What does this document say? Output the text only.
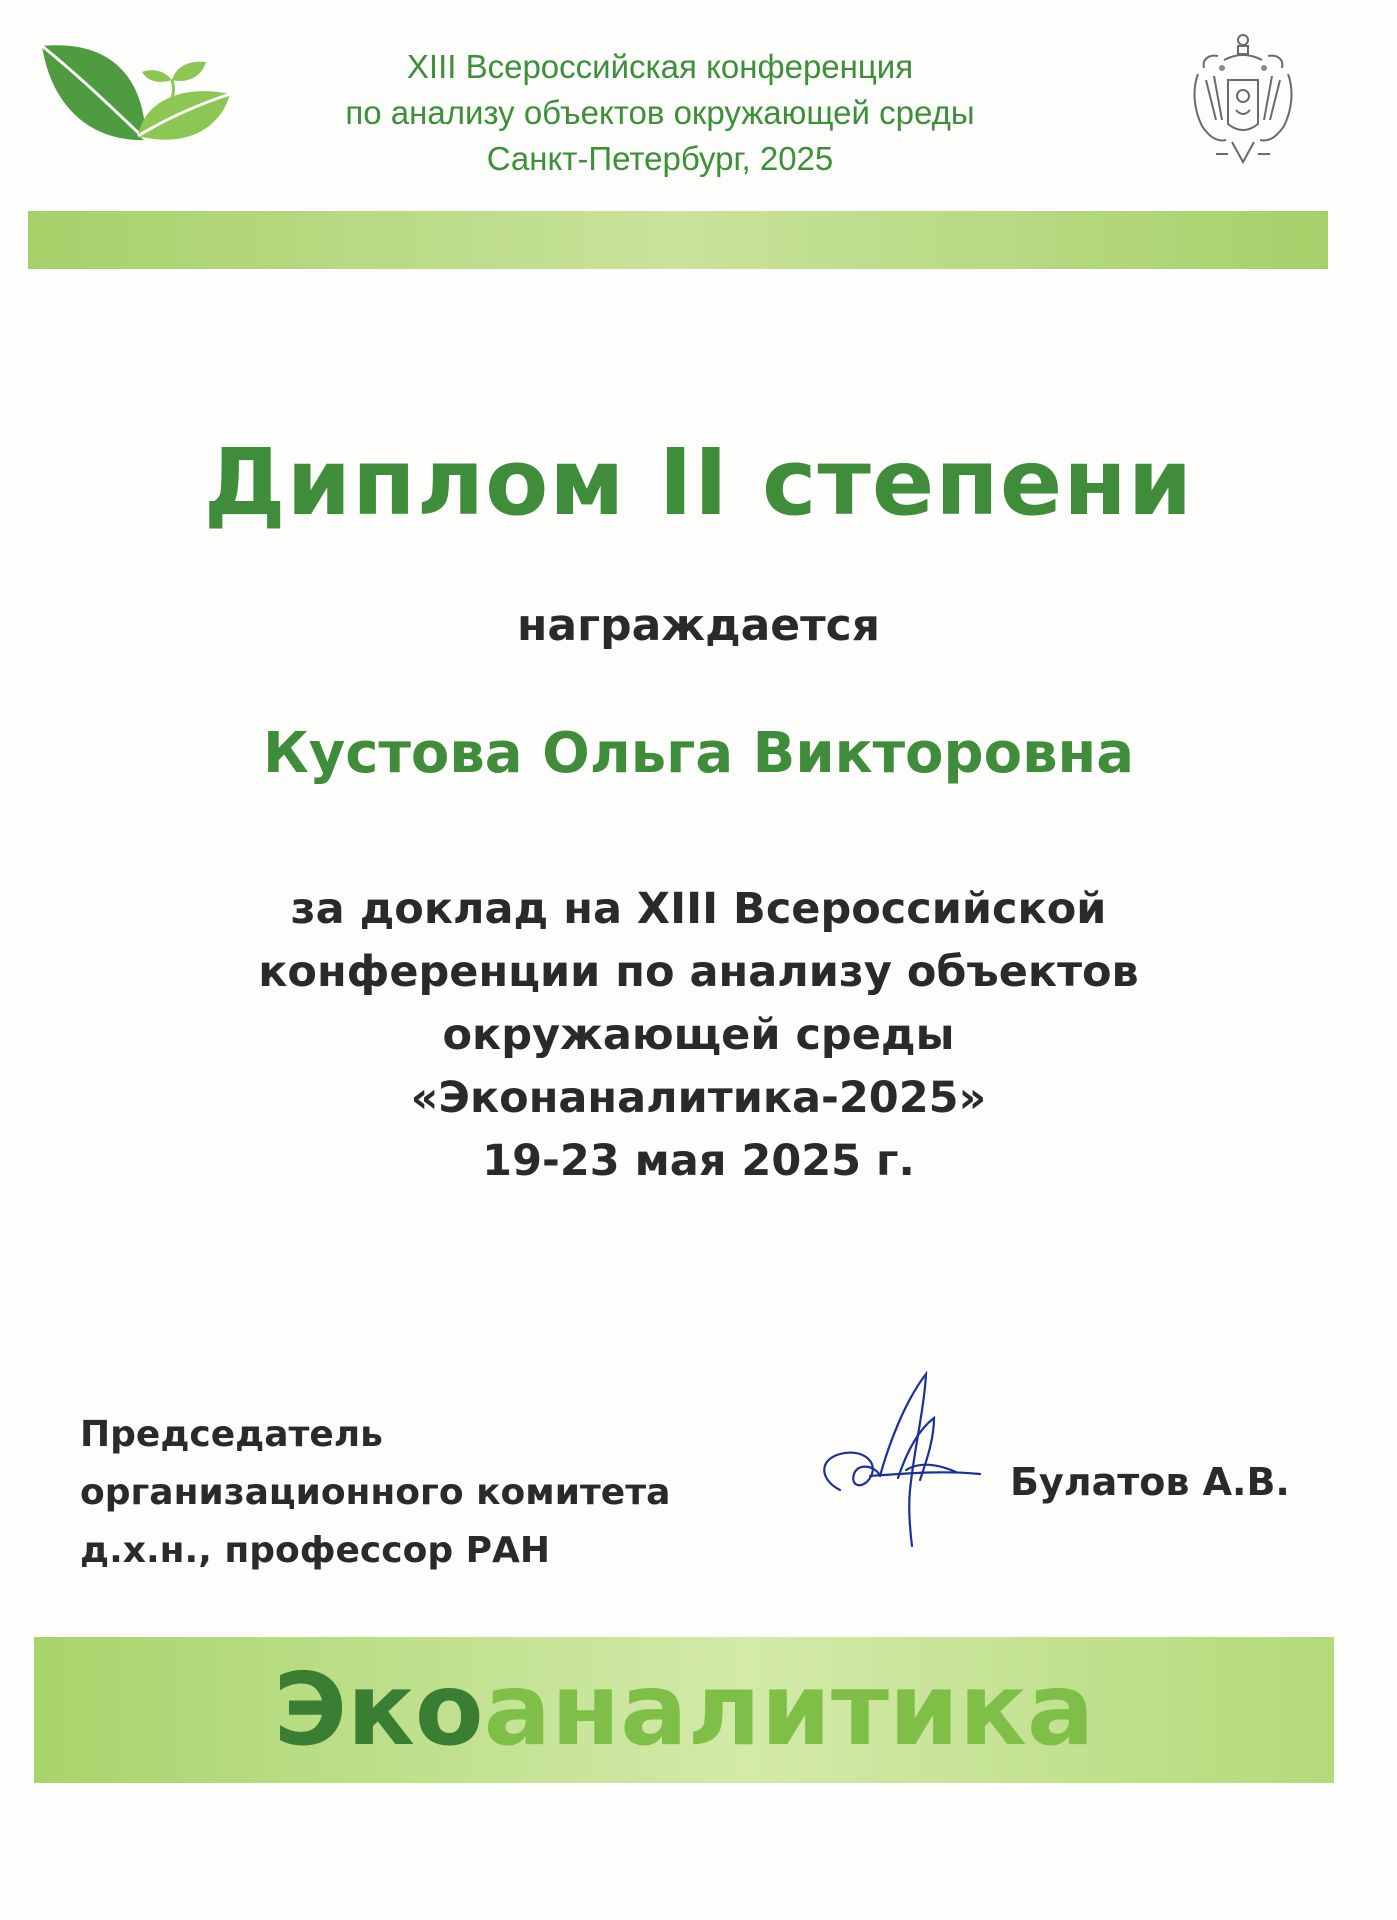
XIII Всероссийская конференция
по анализу объектов окружающей среды
Санкт-Петербург, 2025
Диплом II степени
награждается
Кустова Ольга Викторовна
за доклад на XIII Всероссийской
конференции по анализу объектов
окружающей среды
«Эконаналитика-2025»
19-23 мая 2025 г.
Председатель
организационного комитета
д.х.н., профессор РАН
Булатов А.В.
Экоаналитика
